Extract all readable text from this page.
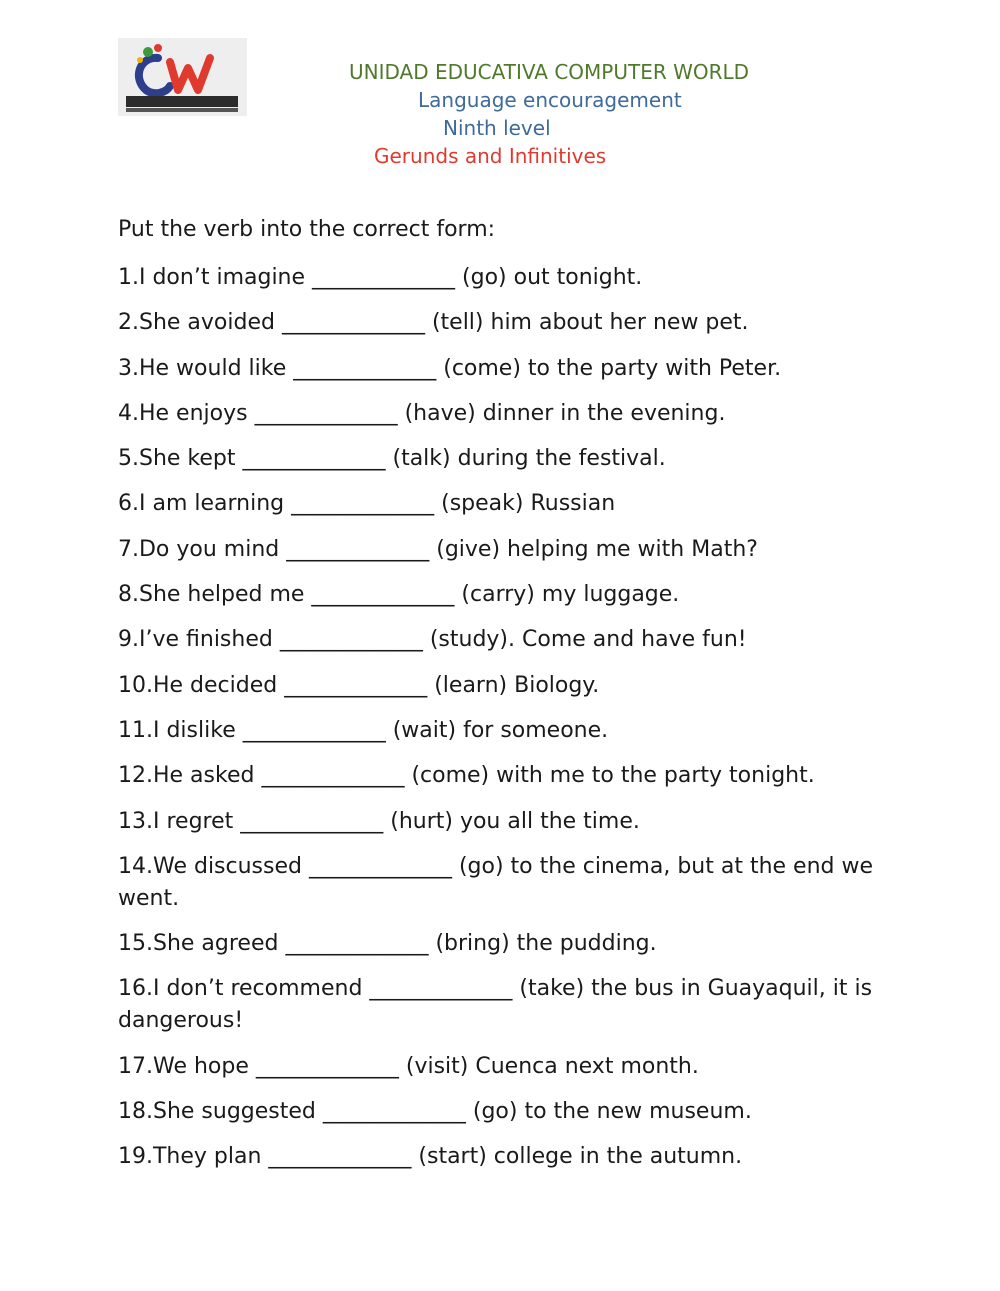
UNIDAD EDUCATIVA COMPUTER WORLD
Language encouragement
Ninth level
Gerunds and Infinitives
Put the verb into the correct form:
1.I don’t imagine _____________ (go) out tonight.
2.She avoided _____________ (tell) him about her new pet.
3.He would like _____________ (come) to the party with Peter.
4.He enjoys _____________ (have) dinner in the evening.
5.She kept _____________ (talk) during the festival.
6.I am learning _____________ (speak) Russian
7.Do you mind _____________ (give) helping me with Math?
8.She helped me _____________ (carry) my luggage.
9.I’ve finished _____________ (study). Come and have fun!
10.He decided _____________ (learn) Biology.
11.I dislike _____________ (wait) for someone.
12.He asked _____________ (come) with me to the party tonight.
13.I regret _____________ (hurt) you all the time.
14.We discussed _____________ (go) to the cinema, but at the end we went.
15.She agreed _____________ (bring) the pudding.
16.I don’t recommend _____________ (take) the bus in Guayaquil, it is dangerous!
17.We hope _____________ (visit) Cuenca next month.
18.She suggested _____________ (go) to the new museum.
19.They plan _____________ (start) college in the autumn.
